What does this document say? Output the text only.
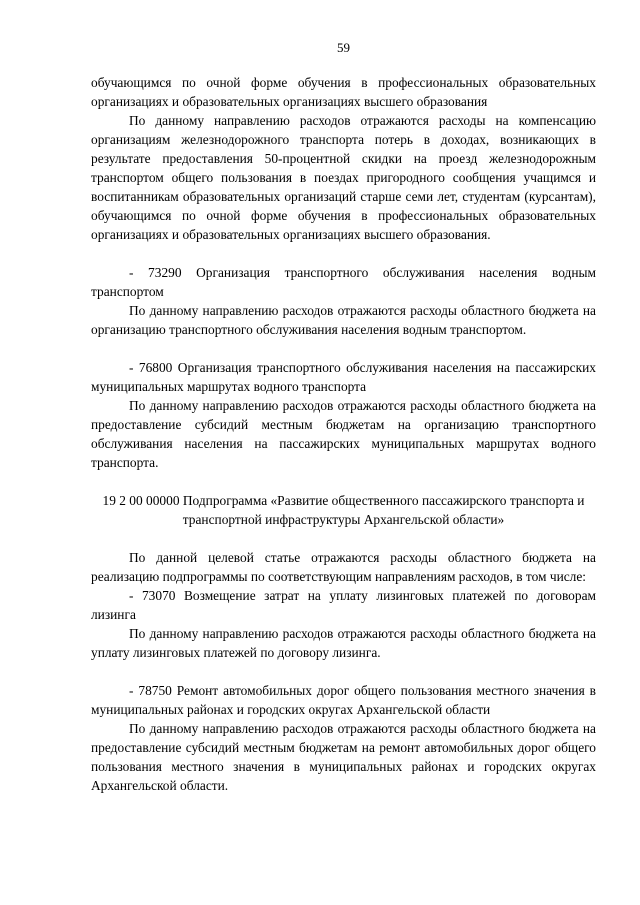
59

обучающимся по очной форме обучения в профессиональных образовательных организациях и образовательных организациях высшего образования

По данному направлению расходов отражаются расходы на компенсацию организациям железнодорожного транспорта потерь в доходах, возникающих в результате предоставления 50-процентной скидки на проезд железнодорожным транспортом общего пользования в поездах пригородного сообщения учащимся и воспитанникам образовательных организаций старше семи лет, студентам (курсантам), обучающимся по очной форме обучения в профессиональных образовательных организациях и образовательных организациях высшего образования.

- 73290 Организация транспортного обслуживания населения водным транспортом

По данному направлению расходов отражаются расходы областного бюджета на организацию транспортного обслуживания населения водным транспортом.

- 76800 Организация транспортного обслуживания населения на пассажирских муниципальных маршрутах водного транспорта

По данному направлению расходов отражаются расходы областного бюджета на предоставление субсидий местным бюджетам на организацию транспортного обслуживания населения на пассажирских муниципальных маршрутах водного транспорта.

19 2 00 00000 Подпрограмма «Развитие общественного пассажирского транспорта и транспортной инфраструктуры Архангельской области»

По данной целевой статье отражаются расходы областного бюджета на реализацию подпрограммы по соответствующим направлениям расходов, в том числе:

- 73070 Возмещение затрат на уплату лизинговых платежей по договорам лизинга

По данному направлению расходов отражаются расходы областного бюджета на уплату лизинговых платежей по договору лизинга.

- 78750 Ремонт автомобильных дорог общего пользования местного значения в муниципальных районах и городских округах Архангельской области

По данному направлению расходов отражаются расходы областного бюджета на предоставление субсидий местным бюджетам на ремонт автомобильных дорог общего пользования местного значения в муниципальных районах и городских округах Архангельской области.
